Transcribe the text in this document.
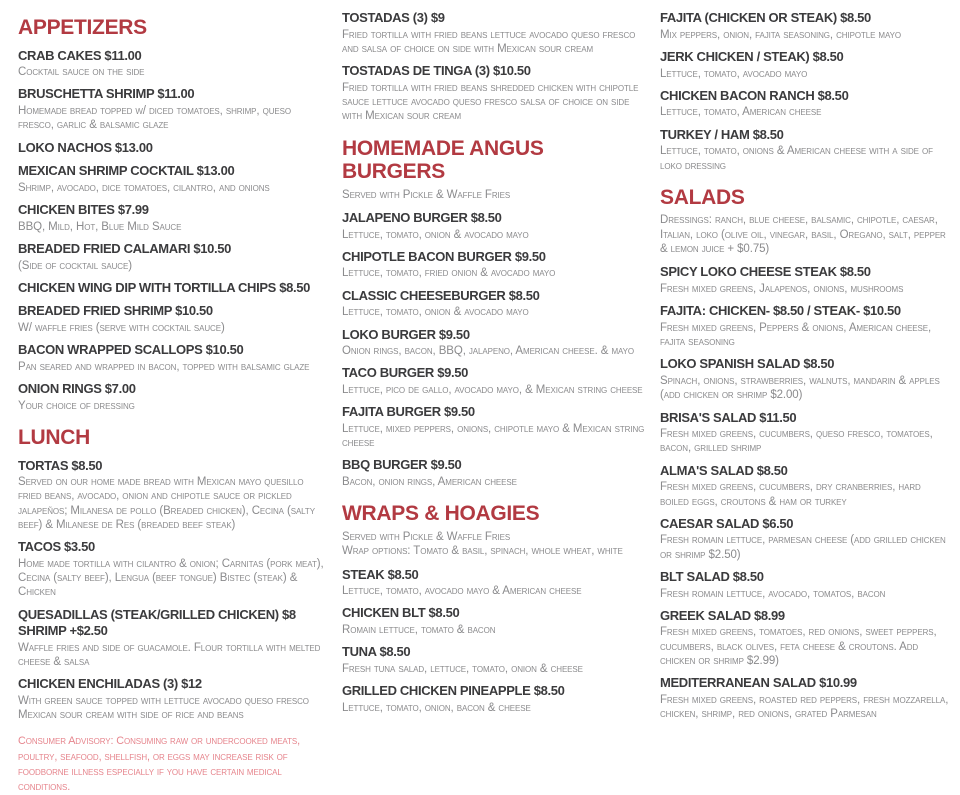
APPETIZERS
CRAB CAKES $11.00
Cocktail sauce on the side
BRUSCHETTA SHRIMP $11.00
Homemade bread topped w/ diced tomatoes, shrimp, queso fresco, garlic & balsamic glaze
LOKO NACHOS $13.00
MEXICAN SHRIMP COCKTAIL $13.00
Shrimp, avocado, dice tomatoes, cilantro, and onions
CHICKEN BITES $7.99
BBQ, Mild, Hot, Blue Mild Sauce
BREADED FRIED CALAMARI $10.50
(Side of cocktail sauce)
CHICKEN WING DIP WITH TORTILLA CHIPS $8.50
BREADED FRIED SHRIMP $10.50
W/ waffle fries (serve with cocktail sauce)
BACON WRAPPED SCALLOPS $10.50
Pan seared and wrapped in bacon, topped with balsamic glaze
ONION RINGS $7.00
Your choice of dressing
LUNCH
TORTAS $8.50
Served on our home made bread with Mexican mayo quesillo fried beans, avocado, onion and chipotle sauce or pickled jalapeños; Milanesa de pollo (Breaded chicken), Cecina (salty beef) & Milanese de Res (breaded beef steak)
TACOS $3.50
Home made tortilla with cilantro & onion; Carnitas (pork meat), Cecina (salty beef), Lengua (beef tongue) Bistec (steak) & Chicken
QUESADILLAS (STEAK/GRILLED CHICKEN) $8 SHRIMP +$2.50
Waffle fries and side of guacamole. Flour tortilla with melted cheese & salsa
CHICKEN ENCHILADAS (3) $12
With green sauce topped with lettuce avocado queso fresco Mexican sour cream with side of rice and beans
Consumer Advisory: Consuming raw or undercooked meats, poultry, seafood, shellfish, or eggs may increase risk of foodborne illness especially if you have certain medical conditions.
TOSTADAS (3) $9
Fried tortilla with fried beans lettuce avocado queso fresco and salsa of choice on side with Mexican sour cream
TOSTADAS DE TINGA (3) $10.50
Fried tortilla with fried beans shredded chicken with chipotle sauce lettuce avocado queso fresco salsa of choice on side with Mexican sour cream
HOMEMADE ANGUS BURGERS
Served with Pickle & Waffle Fries
JALAPENO BURGER $8.50
Lettuce, tomato, onion & avocado mayo
CHIPOTLE BACON BURGER $9.50
Lettuce, tomato, fried onion & avocado mayo
CLASSIC CHEESEBURGER $8.50
Lettuce, tomato, onion & avocado mayo
LOKO BURGER $9.50
Onion rings, bacon, BBQ, jalapeno, American cheese. & mayo
TACO BURGER $9.50
Lettuce, pico de gallo, avocado mayo, & Mexican string cheese
FAJITA BURGER $9.50
Lettuce, mixed peppers, onions, chipotle mayo & Mexican string cheese
BBQ BURGER $9.50
Bacon, onion rings, American cheese
WRAPS & HOAGIES
Served with Pickle & Waffle Fries
Wrap options: Tomato & basil, spinach, whole wheat, white
STEAK $8.50
Lettuce, tomato, avocado mayo & American cheese
CHICKEN BLT $8.50
Romain lettuce, tomato & bacon
TUNA $8.50
Fresh tuna salad, lettuce, tomato, onion & cheese
GRILLED CHICKEN PINEAPPLE $8.50
Lettuce, tomato, onion, bacon & cheese
FAJITA (CHICKEN OR STEAK) $8.50
Mix peppers, onion, fajita seasoning, chipotle mayo
JERK CHICKEN / STEAK) $8.50
Lettuce, tomato, avocado mayo
CHICKEN BACON RANCH $8.50
Lettuce, tomato, American cheese
TURKEY / HAM $8.50
Lettuce, tomato, onions & American cheese with a side of loko dressing
SALADS
Dressings: ranch, blue cheese, balsamic, chipotle, caesar, Italian, loko (olive oil, vinegar, basil, Oregano, salt, pepper & lemon juice + $0.75)
SPICY LOKO CHEESE STEAK $8.50
Fresh mixed greens, Jalapenos, onions, mushrooms
FAJITA: CHICKEN- $8.50 / STEAK- $10.50
Fresh mixed greens, Peppers & onions, American cheese, fajita seasoning
LOKO SPANISH SALAD $8.50
Spinach, onions, strawberries, walnuts, mandarin & apples (add chicken or shrimp $2.00)
BRISA'S SALAD $11.50
Fresh mixed greens, cucumbers, queso fresco, tomatoes, bacon, grilled shrimp
ALMA'S SALAD $8.50
Fresh mixed greens, cucumbers, dry cranberries, hard boiled eggs, croutons & ham or turkey
CAESAR SALAD $6.50
Fresh romain lettuce, parmesan cheese (add grilled chicken or shrimp $2.50)
BLT SALAD $8.50
Fresh romain lettuce, avocado, tomatos, bacon
GREEK SALAD $8.99
Fresh mixed greens, tomatoes, red onions, sweet peppers, cucumbers, black olives, feta cheese & croutons. Add chicken or shrimp $2.99)
MEDITERRANEAN SALAD $10.99
Fresh mixed greens, roasted red peppers, fresh mozzarella, chicken, shrimp, red onions, grated Parmesan
